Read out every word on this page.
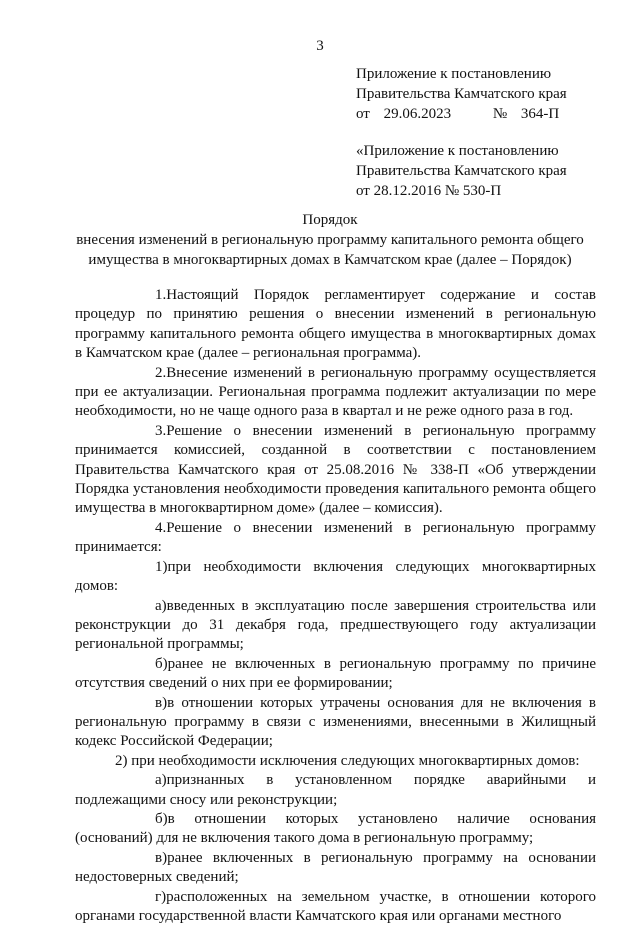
3
Приложение к постановлению
Правительства Камчатского края
от 29.06.2023	№ 364-П
«Приложение к постановлению
Правительства Камчатского края
от 28.12.2016 № 530-П
Порядок
внесения изменений в региональную программу капитального ремонта общего имущества в многоквартирных домах в Камчатском крае (далее – Порядок)

1.Настоящий Порядок регламентирует содержание и состав процедур по принятию решения о внесении изменений в региональную программу капитального ремонта общего имущества в многоквартирных домах в Камчатском крае (далее – региональная программа).

2.Внесение изменений в региональную программу осуществляется при ее актуализации. Региональная программа подлежит актуализации по мере необходимости, но не чаще одного раза в квартал и не реже одного раза в год.

3.Решение о внесении изменений в региональную программу принимается комиссией, созданной в соответствии с постановлением Правительства Камчатского края от 25.08.2016 № 338-П «Об утверждении Порядка установления необходимости проведения капитального ремонта общего имущества в многоквартирном доме» (далее – комиссия).

4.Решение о внесении изменений в региональную программу принимается:

1)при необходимости включения следующих многоквартирных домов:

а)введенных в эксплуатацию после завершения строительства или реконструкции до 31 декабря года, предшествующего году актуализации региональной программы;

б)ранее не включенных в региональную программу по причине отсутствия сведений о них при ее формировании;

в)в отношении которых утрачены основания для не включения в региональную программу в связи с изменениями, внесенными в Жилищный кодекс Российской Федерации;

2) при необходимости исключения следующих многоквартирных домов:

а)признанных в установленном порядке аварийными и подлежащими сносу или реконструкции;

б)в отношении которых установлено наличие основания (оснований) для не включения такого дома в региональную программу;

в)ранее включенных в региональную программу на основании недостоверных сведений;

г)расположенных на земельном участке, в отношении которого органами государственной власти Камчатского края или органами местного
